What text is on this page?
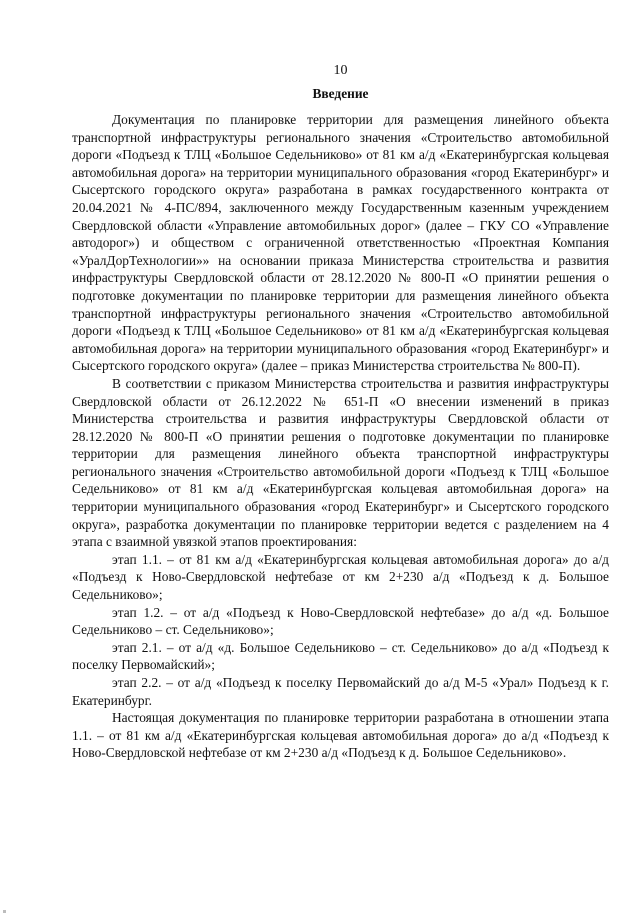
10
Введение

Документация по планировке территории для размещения линейного объекта транспортной инфраструктуры регионального значения «Строительство автомобильной дороги «Подъезд к ТЛЦ «Большое Седельниково» от 81 км а/д «Екатеринбургская кольцевая автомобильная дорога» на территории муниципального образования «город Екатеринбург» и Сысертского городского округа» разработана в рамках государственного контракта от 20.04.2021 № 4-ПС/894, заключенного между Государственным казенным учреждением Свердловской области «Управление автомобильных дорог» (далее – ГКУ СО «Управление автодорог») и обществом с ограниченной ответственностью «Проектная Компания «УралДорТехнологии»» на основании приказа Министерства строительства и развития инфраструктуры Свердловской области от 28.12.2020 № 800-П «О принятии решения о подготовке документации по планировке территории для размещения линейного объекта транспортной инфраструктуры регионального значения «Строительство автомобильной дороги «Подъезд к ТЛЦ «Большое Седельниково» от 81 км а/д «Екатеринбургская кольцевая автомобильная дорога» на территории муниципального образования «город Екатеринбург» и Сысертского городского округа» (далее – приказ Министерства строительства № 800-П).

В соответствии с приказом Министерства строительства и развития инфраструктуры Свердловской области от 26.12.2022 № 651-П «О внесении изменений в приказ Министерства строительства и развития инфраструктуры Свердловской области от 28.12.2020 № 800-П «О принятии решения о подготовке документации по планировке территории для размещения линейного объекта транспортной инфраструктуры регионального значения «Строительство автомобильной дороги «Подъезд к ТЛЦ «Большое Седельниково» от 81 км а/д «Екатеринбургская кольцевая автомобильная дорога» на территории муниципального образования «город Екатеринбург» и Сысертского городского округа», разработка документации по планировке территории ведется с разделением на 4 этапа с взаимной увязкой этапов проектирования:

этап 1.1. – от 81 км а/д «Екатеринбургская кольцевая автомобильная дорога» до а/д «Подъезд к Ново-Свердловской нефтебазе от км 2+230 а/д «Подъезд к д. Большое Седельниково»;

этап 1.2. – от а/д «Подъезд к Ново-Свердловской нефтебазе» до а/д «д. Большое Седельниково – ст. Седельниково»;

этап 2.1. – от а/д «д. Большое Седельниково – ст. Седельниково» до а/д «Подъезд к поселку Первомайский»;

этап 2.2. – от а/д «Подъезд к поселку Первомайский до а/д М-5 «Урал» Подъезд к г. Екатеринбург.

Настоящая документация по планировке территории разработана в отношении этапа 1.1. – от 81 км а/д «Екатеринбургская кольцевая автомобильная дорога» до а/д «Подъезд к Ново-Свердловской нефтебазе от км 2+230 а/д «Подъезд к д. Большое Седельниково».
